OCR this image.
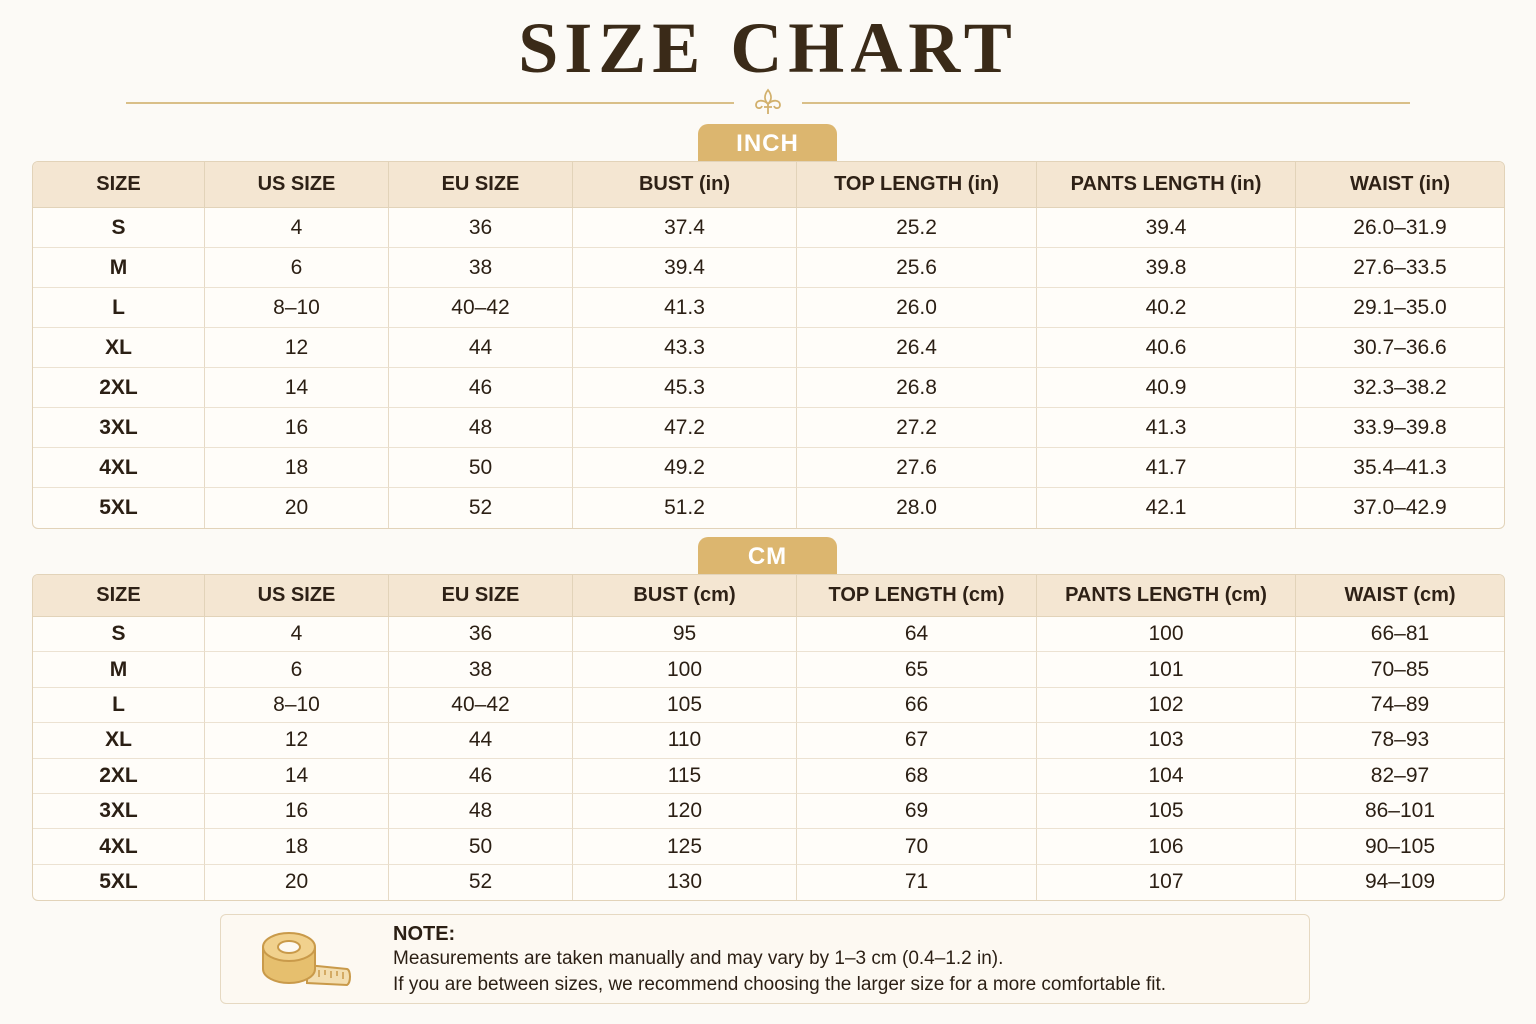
SIZE CHART
INCH
SIZE	US SIZE	EU SIZE	BUST (in)	TOP LENGTH (in)	PANTS LENGTH (in)	WAIST (in)
S	4	36	37.4	25.2	39.4	26.0–31.9
M	6	38	39.4	25.6	39.8	27.6–33.5
L	8–10	40–42	41.3	26.0	40.2	29.1–35.0
XL	12	44	43.3	26.4	40.6	30.7–36.6
2XL	14	46	45.3	26.8	40.9	32.3–38.2
3XL	16	48	47.2	27.2	41.3	33.9–39.8
4XL	18	50	49.2	27.6	41.7	35.4–41.3
5XL	20	52	51.2	28.0	42.1	37.0–42.9
CM
SIZE	US SIZE	EU SIZE	BUST (cm)	TOP LENGTH (cm)	PANTS LENGTH (cm)	WAIST (cm)
S	4	36	95	64	100	66–81
M	6	38	100	65	101	70–85
L	8–10	40–42	105	66	102	74–89
XL	12	44	110	67	103	78–93
2XL	14	46	115	68	104	82–97
3XL	16	48	120	69	105	86–101
4XL	18	50	125	70	106	90–105
5XL	20	52	130	71	107	94–109
NOTE:
Measurements are taken manually and may vary by 1–3 cm (0.4–1.2 in).
If you are between sizes, we recommend choosing the larger size for a more comfortable fit.
